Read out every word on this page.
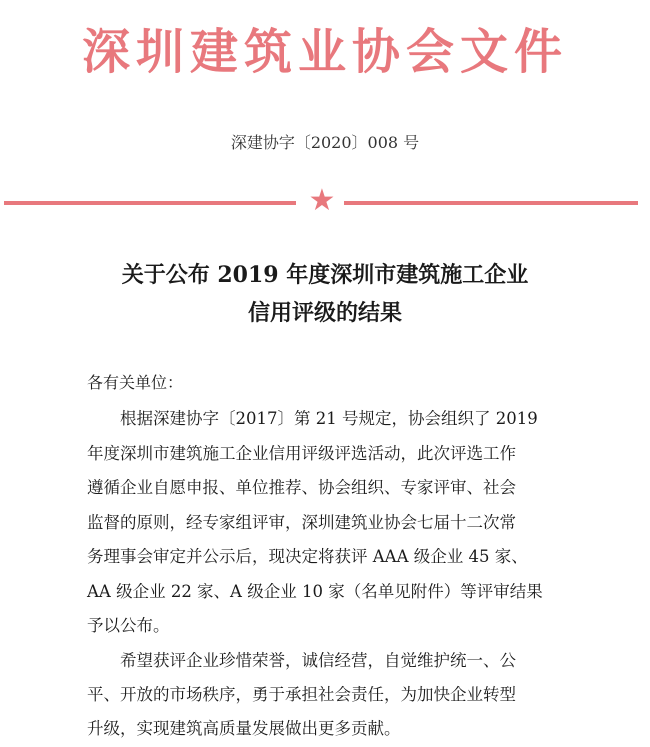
深圳建筑业协会文件
深建协字〔2020〕008 号
★
关于公布 2019 年度深圳市建筑施工企业
信用评级的结果
各有关单位：
根据深建协字〔2017〕第 21 号规定，协会组织了 2019
年度深圳市建筑施工企业信用评级评选活动，此次评选工作
遵循企业自愿申报、单位推荐、协会组织、专家评审、社会
监督的原则，经专家组评审，深圳建筑业协会七届十二次常
务理事会审定并公示后，现决定将获评 AAA 级企业 45 家、
AA 级企业 22 家、A 级企业 10 家（名单见附件）等评审结果
予以公布。
希望获评企业珍惜荣誉，诚信经营，自觉维护统一、公
平、开放的市场秩序，勇于承担社会责任，为加快企业转型
升级，实现建筑高质量发展做出更多贡献。
